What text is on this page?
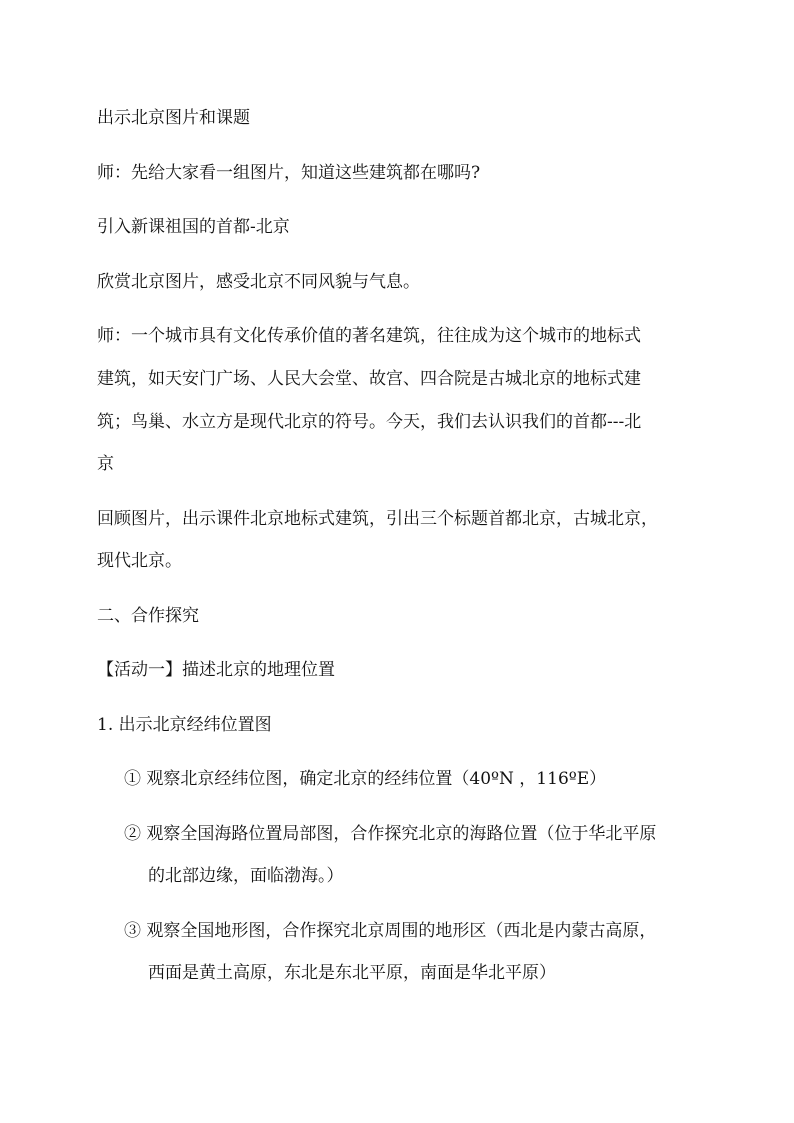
出示北京图片和课题

师：先给大家看一组图片，知道这些建筑都在哪吗?

引入新课祖国的首都-北京

欣赏北京图片，感受北京不同风貌与气息。

师：一个城市具有文化传承价值的著名建筑，往往成为这个城市的地标式

建筑，如天安门广场、人民大会堂、故宫、四合院是古城北京的地标式建

筑；鸟巢、水立方是现代北京的符号。今天，我们去认识我们的首都---北

京

回顾图片，出示课件北京地标式建筑，引出三个标题首都北京，古城北京，

现代北京。

二、合作探究

【活动一】描述北京的地理位置

1. 出示北京经纬位置图

① 观察北京经纬位图，确定北京的经纬位置（40ºN ，116ºE）

② 观察全国海路位置局部图，合作探究北京的海路位置（位于华北平原

的北部边缘，面临渤海。）

③ 观察全国地形图，合作探究北京周围的地形区（西北是内蒙古高原，

西面是黄土高原，东北是东北平原，南面是华北平原）
